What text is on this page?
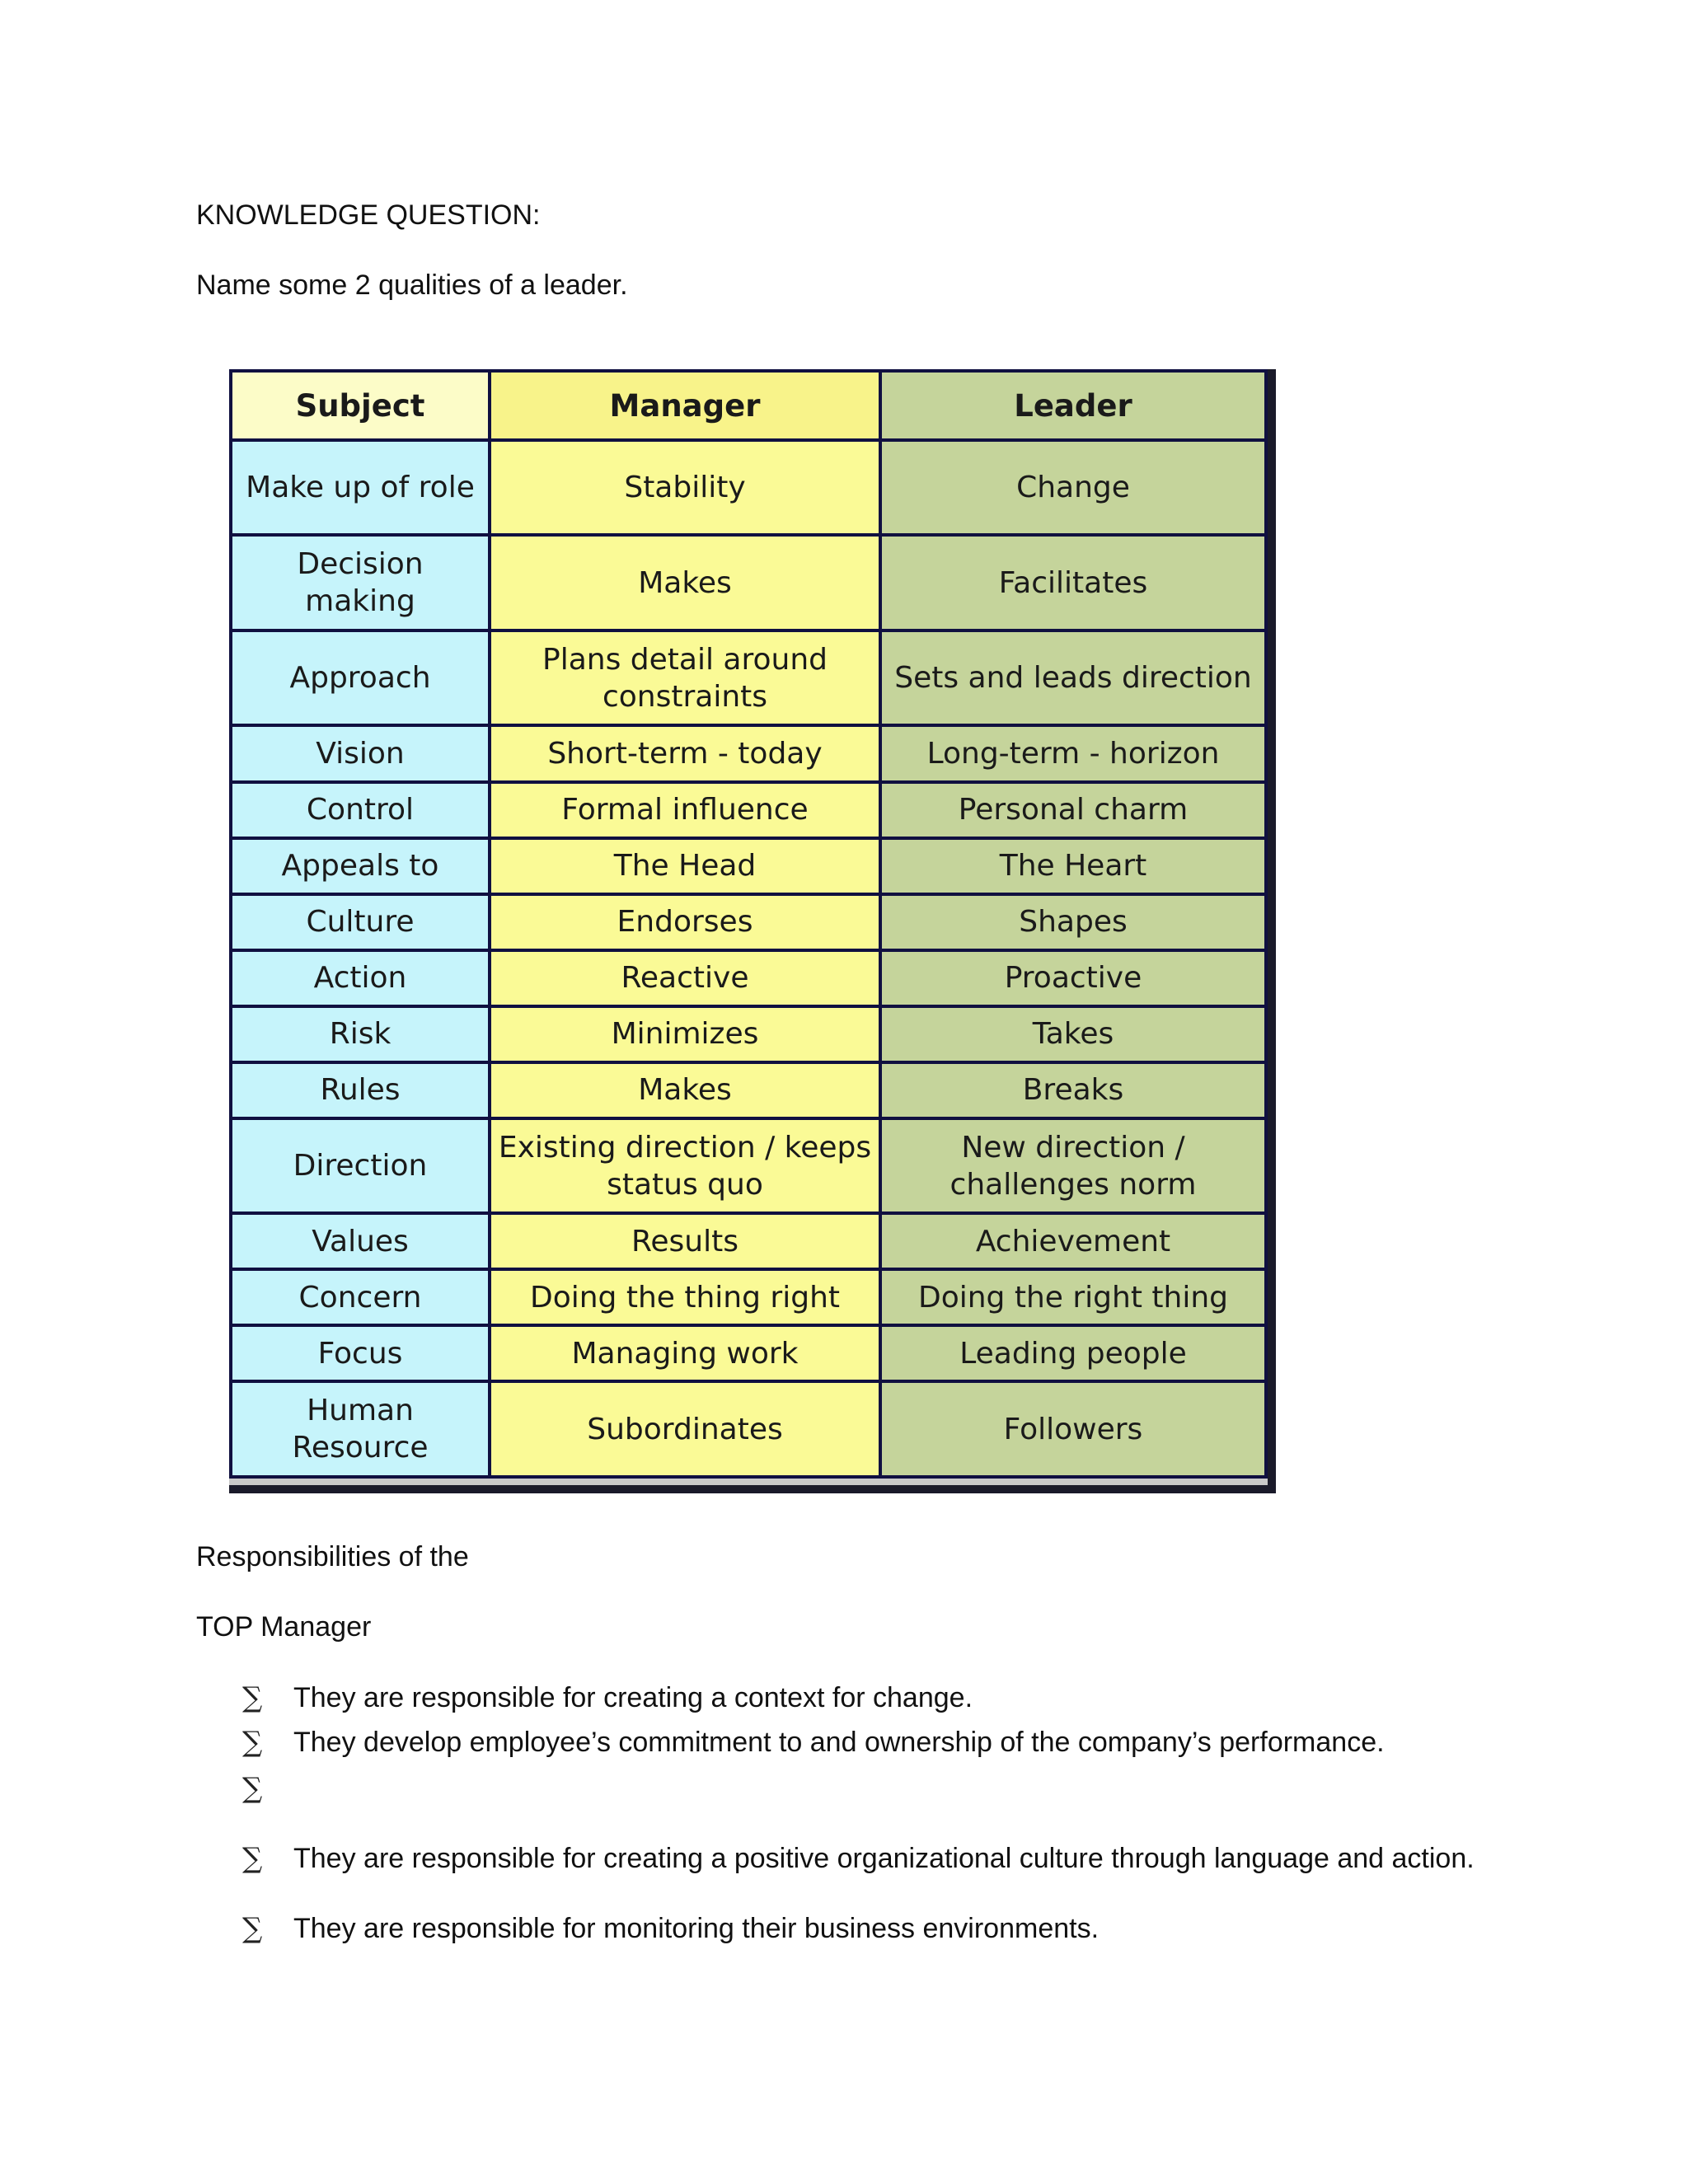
KNOWLEDGE QUESTION:
Name some 2 qualities of a leader.
Subject	Manager	Leader
Make up of role	Stability	Change
Decision making	Makes	Facilitates
Approach	Plans detail around constraints	Sets and leads direction
Vision	Short-term - today	Long-term - horizon
Control	Formal influence	Personal charm
Appeals to	The Head	The Heart
Culture	Endorses	Shapes
Action	Reactive	Proactive
Risk	Minimizes	Takes
Rules	Makes	Breaks
Direction	Existing direction / keeps status quo	New direction / challenges norm
Values	Results	Achievement
Concern	Doing the thing right	Doing the right thing
Focus	Managing work	Leading people
Human Resource	Subordinates	Followers
Responsibilities of the
TOP Manager
∑ They are responsible for creating a context for change.
∑ They develop employee’s commitment to and ownership of the company’s performance.
∑
∑ They are responsible for creating a positive organizational culture through language and action.
∑ They are responsible for monitoring their business environments.
